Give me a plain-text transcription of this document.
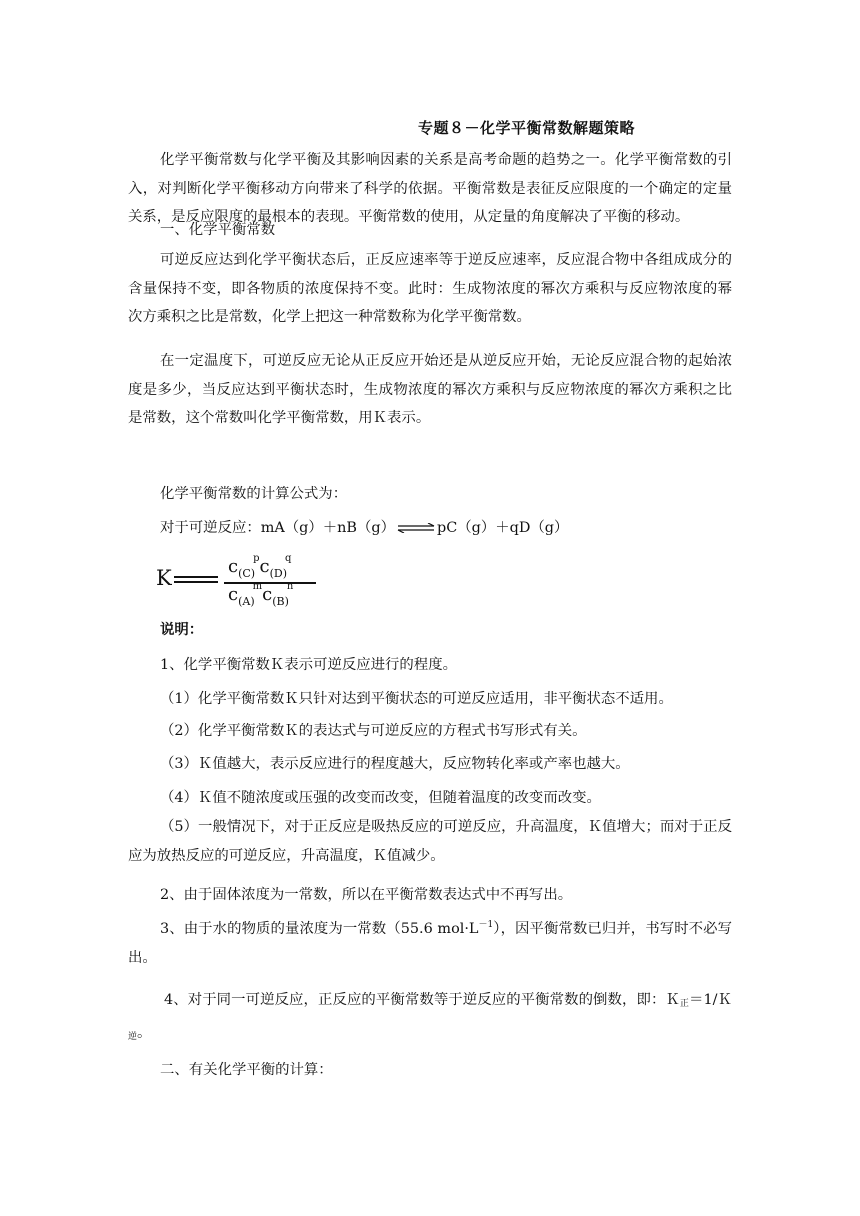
专题８－化学平衡常数解题策略
化学平衡常数与化学平衡及其影响因素的关系是高考命题的趋势之一。化学平衡常数的引入，对判断化学平衡移动方向带来了科学的依据。平衡常数是表征反应限度的一个确定的定量关系，是反应限度的最根本的表现。平衡常数的使用，从定量的角度解决了平衡的移动。
一、化学平衡常数
可逆反应达到化学平衡状态后，正反应速率等于逆反应速率，反应混合物中各组成成分的含量保持不变，即各物质的浓度保持不变。此时：生成物浓度的幂次方乘积与反应物浓度的幂次方乘积之比是常数，化学上把这一种常数称为化学平衡常数。
在一定温度下，可逆反应无论从正反应开始还是从逆反应开始，无论反应混合物的起始浓度是多少，当反应达到平衡状态时，生成物浓度的幂次方乘积与反应物浓度的幂次方乘积之比是常数，这个常数叫化学平衡常数，用Ｋ表示。
化学平衡常数的计算公式为：
对于可逆反应：mA（g）＋nB（g） ⇌ pC（g）＋qD（g）
K	$c_{(C)}^pc_{(D)}^q$
$c_{(A)}^mc_{(B)}^n$
说明：
1、化学平衡常数Ｋ表示可逆反应进行的程度。
（1）化学平衡常数Ｋ只针对达到平衡状态的可逆反应适用，非平衡状态不适用。
（2）化学平衡常数Ｋ的表达式与可逆反应的方程式书写形式有关。
（3）Ｋ值越大，表示反应进行的程度越大，反应物转化率或产率也越大。
（4）Ｋ值不随浓度或压强的改变而改变，但随着温度的改变而改变。
（5）一般情况下，对于正反应是吸热反应的可逆反应，升高温度，Ｋ值增大；而对于正反应为放热反应的可逆反应，升高温度，Ｋ值减少。
2、由于固体浓度为一常数，所以在平衡常数表达式中不再写出。
3、由于水的物质的量浓度为一常数（55.6 $mol\cdot L^{-1}$），因平衡常数已归并，书写时不必写出。
4、对于同一可逆反应，正反应的平衡常数等于逆反应的平衡常数的倒数，即：Ｋ$_正$＝1/Ｋ$_逆$。
二、有关化学平衡的计算：
